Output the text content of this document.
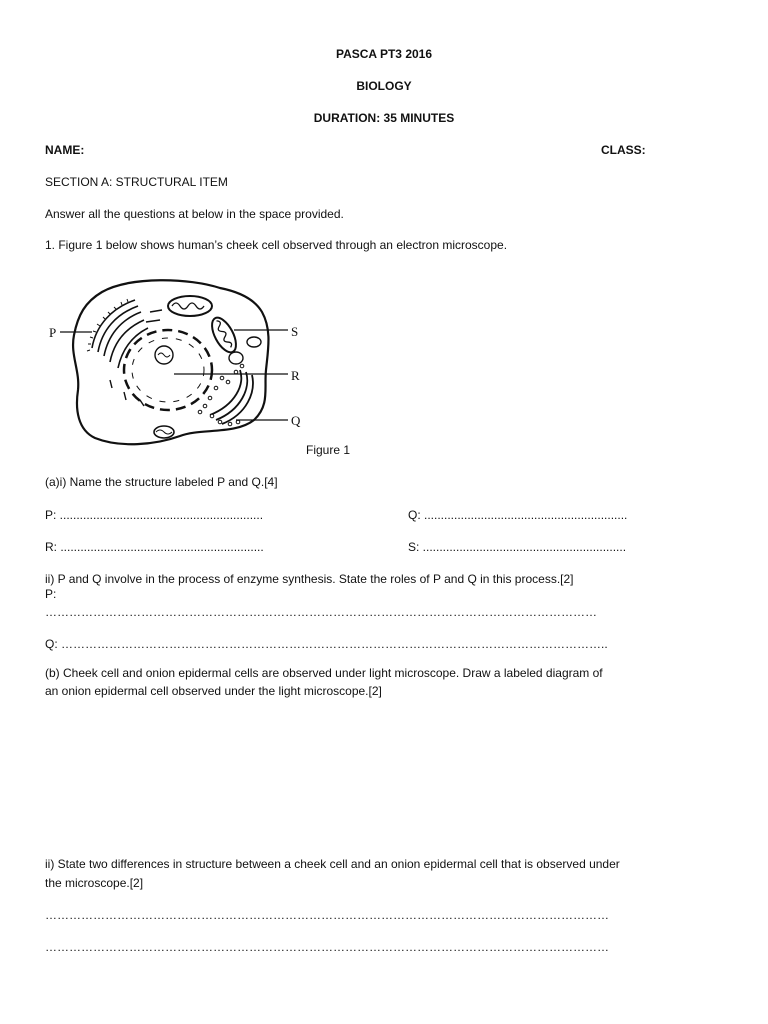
PASCA PT3 2016
BIOLOGY
DURATION: 35 MINUTES
NAME:	CLASS:
SECTION A: STRUCTURAL ITEM
Answer all the questions at below in the space provided.
1. Figure 1 below shows human’s cheek cell observed through an electron microscope.
P	S
R
Q
Figure 1
(a)i) Name the structure labeled P and Q.[4]
P: .............................................................	Q: .............................................................
R: .............................................................	S: .............................................................
ii) P and Q involve in the process of enzyme synthesis. State the roles of P and Q in this process.[2]
P:
…………………………………………………………………………………………………………………………
Q: ………………………………………………………………………………………………………………………..
(b) Cheek cell and onion epidermal cells are observed under light microscope. Draw a labeled diagram of
an onion epidermal cell observed under the light microscope.[2]
ii) State two differences in structure between a cheek cell and an onion epidermal cell that is observed under
the microscope.[2]
……………………………………………………………………………………………………………………………
……………………………………………………………………………………………………………………………
